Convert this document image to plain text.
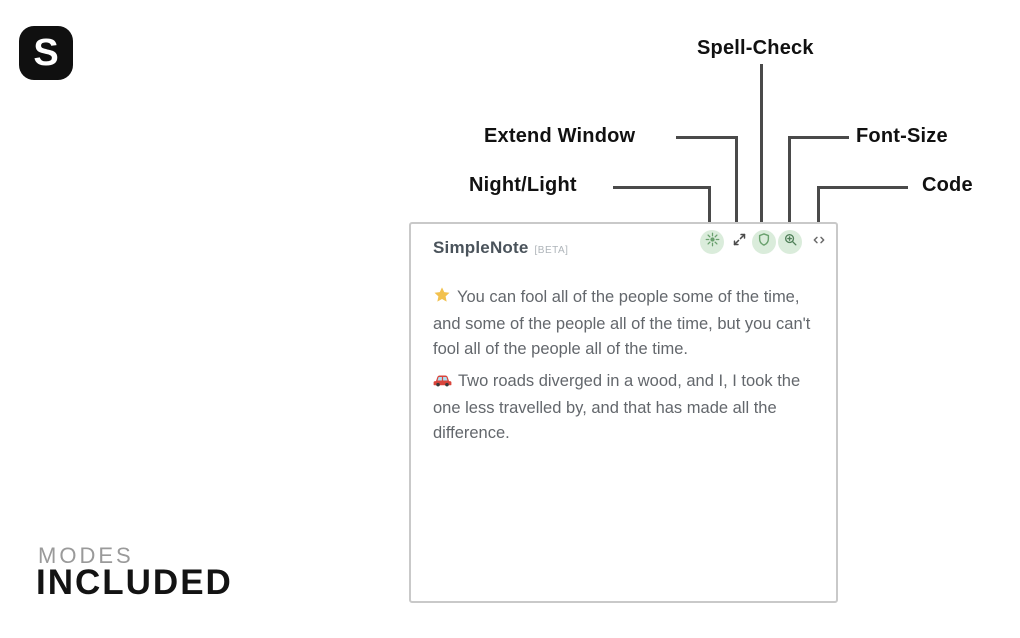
S	Spell-Check
Extend Window
Night/Light
Font-Size
Code
SimpleNote [BETA]

You can fool all of the people some of the time, and some of the people all of the time, but you can't fool all of the people all of the time.

Two roads diverged in a wood, and I, I took the one less travelled by, and that has made all the difference.

MODES
INCLUDED
